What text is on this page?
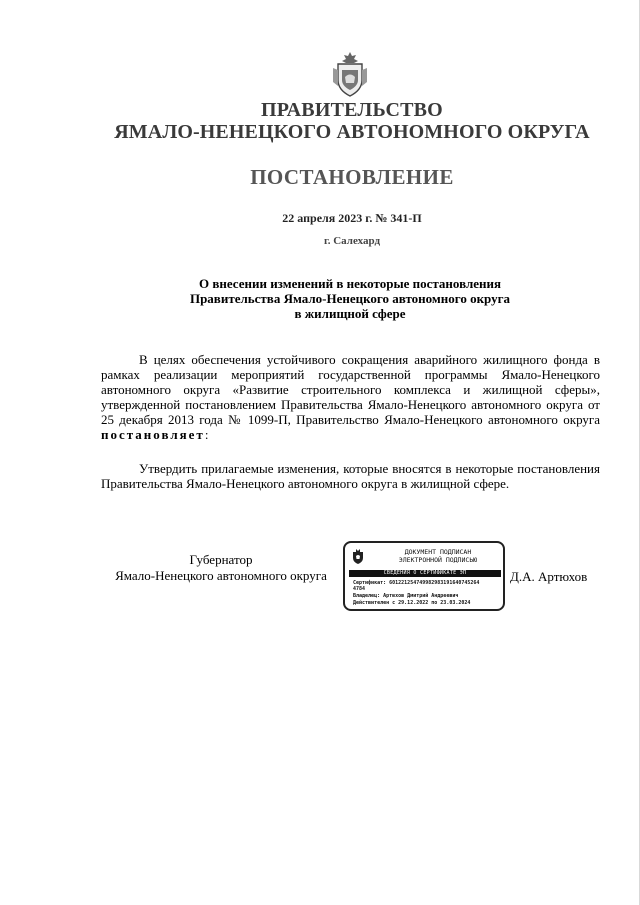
ПРАВИТЕЛЬСТВО
ЯМАЛО-НЕНЕЦКОГО АВТОНОМНОГО ОКРУГА
ПОСТАНОВЛЕНИЕ
22 апреля 2023 г. № 341-П
г. Салехард
О внесении изменений в некоторые постановления
Правительства Ямало-Ненецкого автономного округа
в жилищной сфере
В целях обеспечения устойчивого сокращения аварийного жилищного фонда в рамках реализации мероприятий государственной программы Ямало-Ненецкого автономного округа «Развитие строительного комплекса и жилищной сферы», утвержденной постановлением Правительства Ямало-Ненецкого автономного округа от 25 декабря 2013 года № 1099-П, Правительство Ямало-Ненецкого автономного округа постановляет:
Утвердить прилагаемые изменения, которые вносятся в некоторые постановления Правительства Ямало-Ненецкого автономного округа в жилищной сфере.
Губернатор
Ямало-Ненецкого автономного округа
ДОКУМЕНТ ПОДПИСАН
ЭЛЕКТРОННОЙ ПОДПИСЬЮ
СВЕДЕНИЯ О СЕРТИФИКАТЕ ЭП
Сертификат: 601221254749982983191640745264
4784
Владелец: Артюхов Дмитрий Андреевич
Действителен с 29.12.2022 по 23.03.2024
Д.А. Артюхов
